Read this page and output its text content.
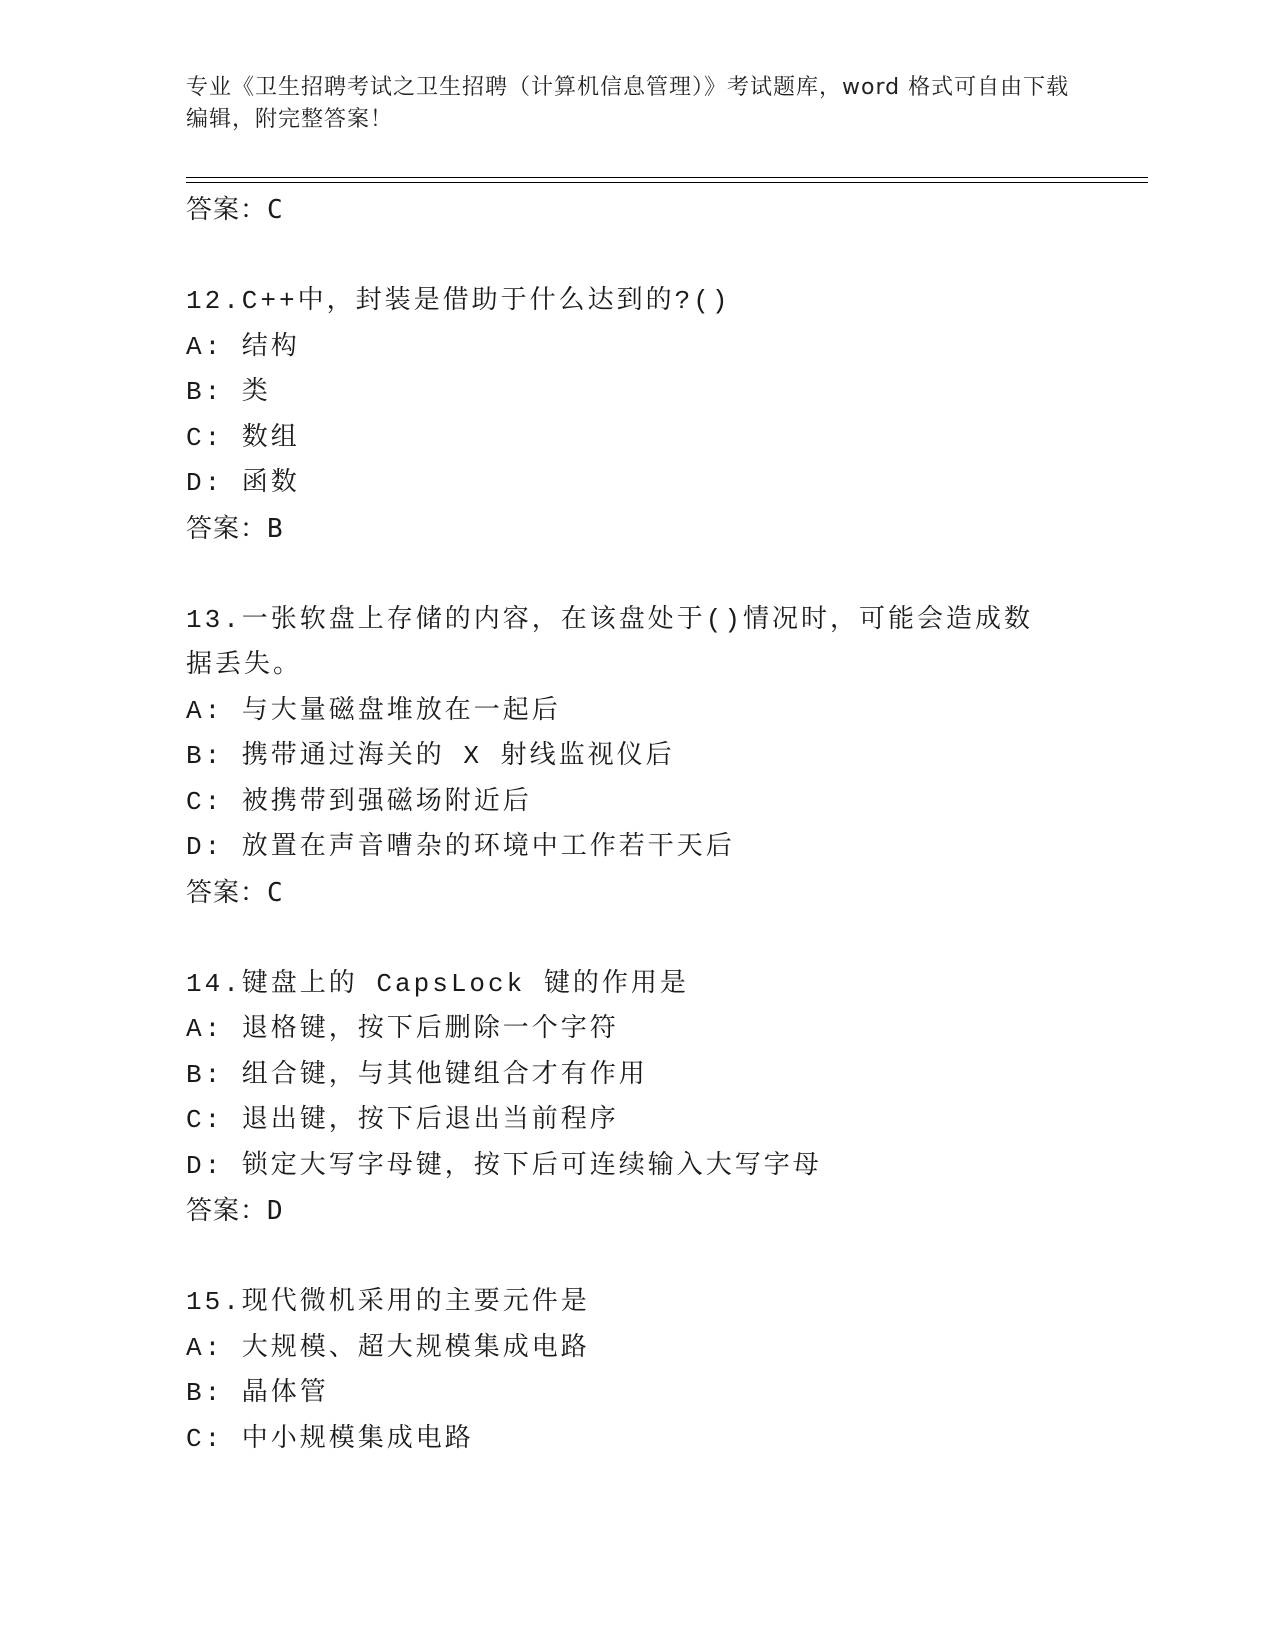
专业《卫生招聘考试之卫生招聘（计算机信息管理）》考试题库，word 格式可自由下载编辑，附完整答案！
答案：C
12.C++中，封装是借助于什么达到的?()
A: 结构
B: 类
C: 数组
D: 函数
答案：B
13.一张软盘上存储的内容，在该盘处于()情况时，可能会造成数据丢失。
A: 与大量磁盘堆放在一起后
B: 携带通过海关的 X 射线监视仪后
C: 被携带到强磁场附近后
D: 放置在声音嘈杂的环境中工作若干天后
答案：C
14.键盘上的 CapsLock 键的作用是
A: 退格键，按下后删除一个字符
B: 组合键，与其他键组合才有作用
C: 退出键，按下后退出当前程序
D: 锁定大写字母键，按下后可连续输入大写字母
答案：D
15.现代微机采用的主要元件是
A: 大规模、超大规模集成电路
B: 晶体管
C: 中小规模集成电路
